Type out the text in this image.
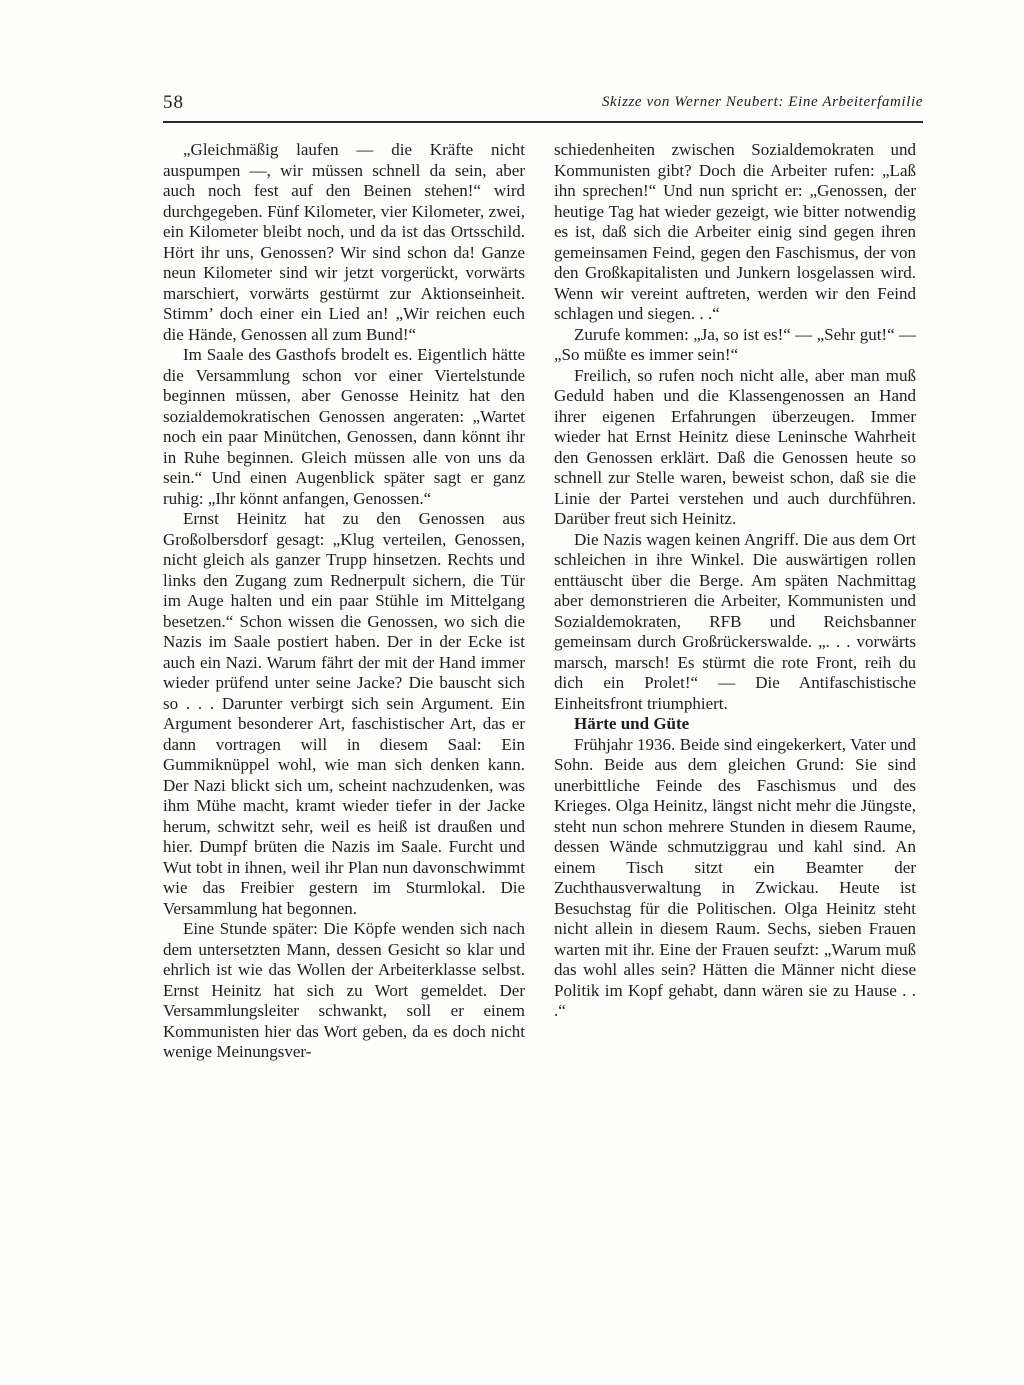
58	Skizze von Werner Neubert: Eine Arbeiterfamilie

„Gleichmäßig laufen — die Kräfte nicht auspumpen —, wir müssen schnell da sein, aber auch noch fest auf den Beinen stehen!“ wird durchgegeben. Fünf Kilometer, vier Kilometer, zwei, ein Kilometer bleibt noch, und da ist das Ortsschild. Hört ihr uns, Genossen? Wir sind schon da! Ganze neun Kilometer sind wir jetzt vorgerückt, vorwärts marschiert, vorwärts gestürmt zur Aktionseinheit. Stimm’ doch einer ein Lied an! „Wir reichen euch die Hände, Genossen all zum Bund!“

Im Saale des Gasthofs brodelt es. Eigentlich hätte die Versammlung schon vor einer Viertelstunde beginnen müssen, aber Genosse Heinitz hat den sozialdemokratischen Genossen angeraten: „Wartet noch ein paar Minütchen, Genossen, dann könnt ihr in Ruhe beginnen. Gleich müssen alle von uns da sein.“ Und einen Augenblick später sagt er ganz ruhig: „Ihr könnt anfangen, Genossen.“

Ernst Heinitz hat zu den Genossen aus Großolbersdorf gesagt: „Klug verteilen, Genossen, nicht gleich als ganzer Trupp hinsetzen. Rechts und links den Zugang zum Rednerpult sichern, die Tür im Auge halten und ein paar Stühle im Mittelgang besetzen.“ Schon wissen die Genossen, wo sich die Nazis im Saale postiert haben. Der in der Ecke ist auch ein Nazi. Warum fährt der mit der Hand immer wieder prüfend unter seine Jacke? Die bauscht sich so . . . Darunter verbirgt sich sein Argument. Ein Argument besonderer Art, faschistischer Art, das er dann vortragen will in diesem Saal: Ein Gummiknüppel wohl, wie man sich denken kann. Der Nazi blickt sich um, scheint nachzudenken, was ihm Mühe macht, kramt wieder tiefer in der Jacke herum, schwitzt sehr, weil es heiß ist draußen und hier. Dumpf brüten die Nazis im Saale. Furcht und Wut tobt in ihnen, weil ihr Plan nun davonschwimmt wie das Freibier gestern im Sturmlokal. Die Versammlung hat begonnen.

Eine Stunde später: Die Köpfe wenden sich nach dem untersetzten Mann, dessen Gesicht so klar und ehrlich ist wie das Wollen der Arbeiterklasse selbst. Ernst Heinitz hat sich zu Wort gemeldet. Der Versammlungsleiter schwankt, soll er einem Kommunisten hier das Wort geben, da es doch nicht wenige Meinungsver-

schiedenheiten zwischen Sozialdemokraten und Kommunisten gibt? Doch die Arbeiter rufen: „Laß ihn sprechen!“ Und nun spricht er: „Genossen, der heutige Tag hat wieder gezeigt, wie bitter notwendig es ist, daß sich die Arbeiter einig sind gegen ihren gemeinsamen Feind, gegen den Faschismus, der von den Großkapitalisten und Junkern losgelassen wird. Wenn wir vereint auftreten, werden wir den Feind schlagen und siegen. . .“

Zurufe kommen: „Ja, so ist es!“ — „Sehr gut!“ — „So müßte es immer sein!“

Freilich, so rufen noch nicht alle, aber man muß Geduld haben und die Klassengenossen an Hand ihrer eigenen Erfahrungen überzeugen. Immer wieder hat Ernst Heinitz diese Leninsche Wahrheit den Genossen erklärt. Daß die Genossen heute so schnell zur Stelle waren, beweist schon, daß sie die Linie der Partei verstehen und auch durchführen. Darüber freut sich Heinitz.

Die Nazis wagen keinen Angriff. Die aus dem Ort schleichen in ihre Winkel. Die auswärtigen rollen enttäuscht über die Berge. Am späten Nachmittag aber demonstrieren die Arbeiter, Kommunisten und Sozialdemokraten, RFB und Reichsbanner gemeinsam durch Großrückerswalde. „. . . vorwärts marsch, marsch! Es stürmt die rote Front, reih du dich ein Prolet!“ — Die Antifaschistische Einheitsfront triumphiert.

Härte und Güte

Frühjahr 1936. Beide sind eingekerkert, Vater und Sohn. Beide aus dem gleichen Grund: Sie sind unerbittliche Feinde des Faschismus und des Krieges. Olga Heinitz, längst nicht mehr die Jüngste, steht nun schon mehrere Stunden in diesem Raume, dessen Wände schmutziggrau und kahl sind. An einem Tisch sitzt ein Beamter der Zuchthausverwaltung in Zwickau. Heute ist Besuchstag für die Politischen. Olga Heinitz steht nicht allein in diesem Raum. Sechs, sieben Frauen warten mit ihr. Eine der Frauen seufzt: „Warum muß das wohl alles sein? Hätten die Männer nicht diese Politik im Kopf gehabt, dann wären sie zu Hause . . .“
